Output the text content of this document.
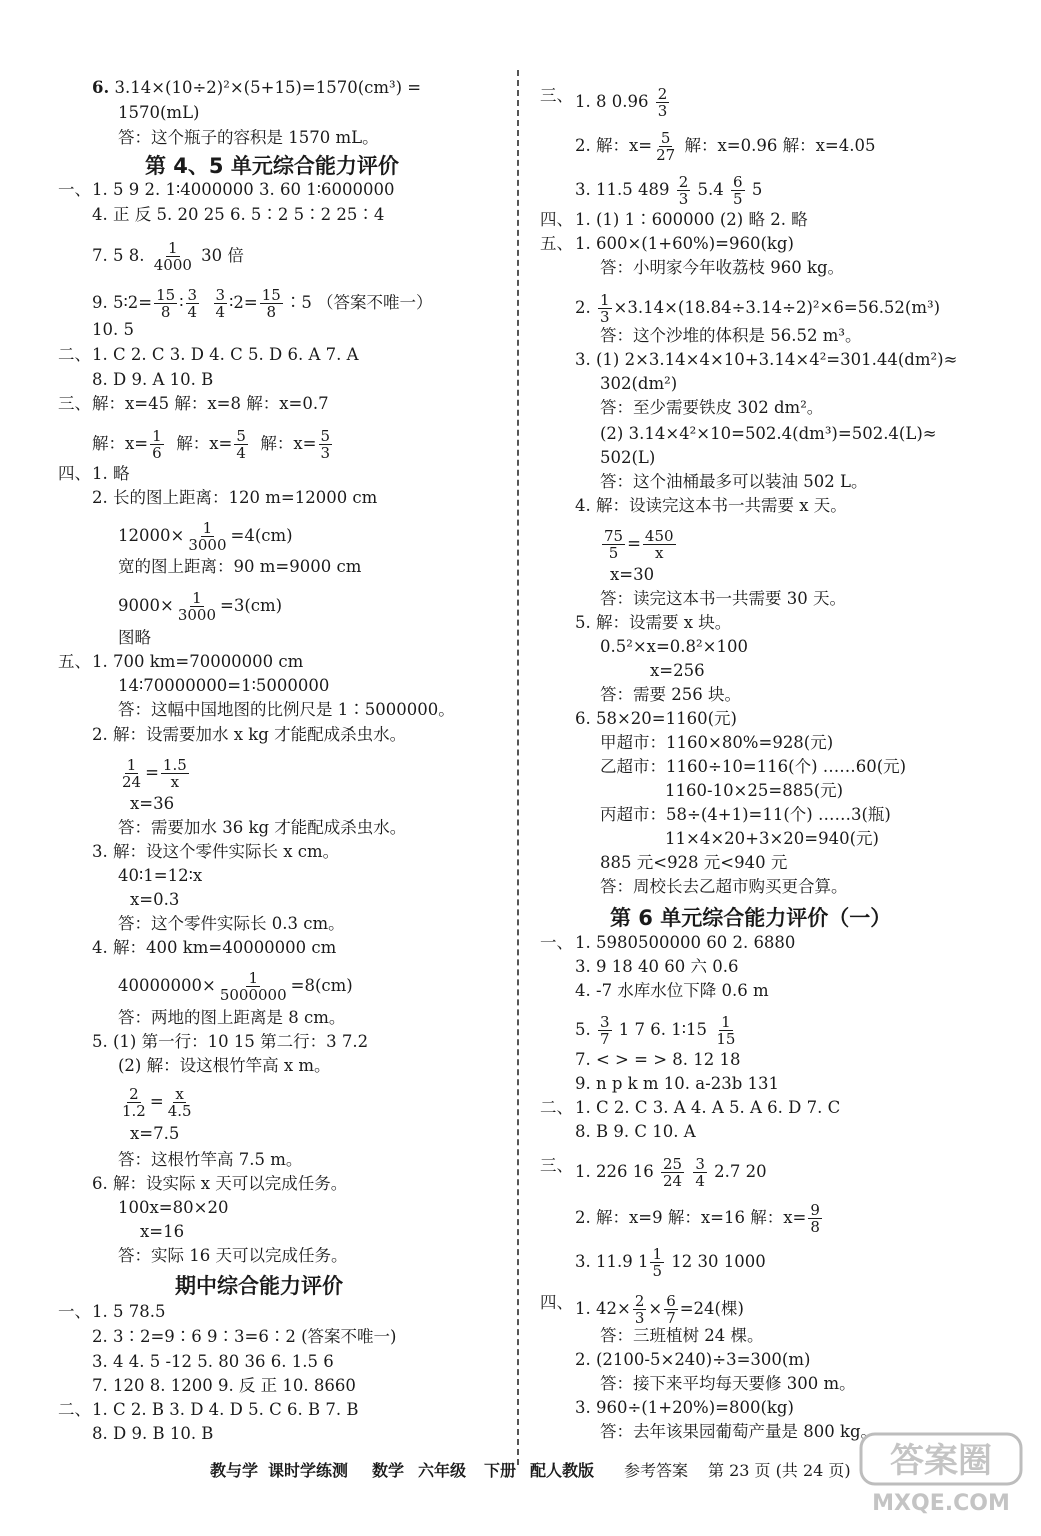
6. 3.14×(10÷2)²×(5+15)=1570(cm³) =
1570(mL)
答：这个瓶子的容积是 1570 mL。
第 4、5 单元综合能力评价
一、 1. 5 9 2. 1∶4000000 3. 60 1∶6000000
4. 正 反 5. 20 25 6. 5∶2 5∶2 25∶4
7. 5 8. $\frac{1}{4000} 30$ 倍
9. 5∶2= $\frac{15}{8}$ ∶ $\frac{3}{4}$
$\frac{3}{4}$ ∶2= $\frac{15}{8}$ ∶5 （答案不唯一）
10. 5
二、 1. C 2. C 3. D 4. C 5. D 6. A 7. A
8. D 9. A 10. B
三、 解：x=45 解：x=8 解：x=0.7
解：$x= \frac{1}{6}$ 解：$x= \frac{5}{4}$ 解：$x= \frac{5}{3}$
四、 1. 略
2. 长的图上距离：120 m=12000 cm
$12000\times \frac{1}{3000} =4(cm)$
宽的图上距离：90 m=9000 cm
$9000\times \frac{1}{3000} =3(cm)$
图略
五、 1. 700 km=70000000 cm
14∶70000000=1∶5000000
答：这幅中国地图的比例尺是 1∶5000000。
2. 解：设需要加水 x kg 才能配成杀虫水。
$\frac{1}{24} = \frac{1.5}{x}$
x=36
答：需要加水 36 kg 才能配成杀虫水。
3. 解：设这个零件实际长 x cm。
40∶1=12∶x
x=0.3
答：这个零件实际长 0.3 cm。
4. 解：400 km=40000000 cm
$40000000\times \frac{1}{5000000} =8(cm)$
答：两地的图上距离是 8 cm。
5. (1) 第一行：10 15 第二行：3 7.2
(2) 解：设这根竹竿高 x m。
$\frac{2}{1.2} = \frac{x}{4.5}$
x=7.5
答：这根竹竿高 7.5 m。
6. 解：设实际 x 天可以完成任务。
100x=80×20
x=16
答：实际 16 天可以完成任务。
期中综合能力评价
一、 1. 5 78.5
2. 3∶2=9∶6 9∶3=6∶2 (答案不唯一)
3. 4 4. 5 -12 5. 80 36 6. 1.5 6
7. 120 8. 1200 9. 反 正 10. 8660
二、 1. C 2. B 3. D 4. D 5. C 6. B 7. B
8. D 9. B 10. B
三、 1. 8 $0.96 \frac{2}{3}$
2. 解：$x= \frac{5}{27}$ 解：x=0.96 解：x=4.05
3. 11.5 $489 \frac{2}{3} 5.4 \frac{6}{5} 5$
四、 1. (1) 1∶600000 (2) 略 2. 略
五、 1. 600×(1+60%)=960(kg)
答：小明家今年收荔枝 960 kg。
2. $\frac{1}{3} \times 3.14\times(18.84\div 3.14\div 2)^2\times 6=56.52(m^3)$
答：这个沙堆的体积是 56.52 m³。
3. (1) 2×3.14×4×10+3.14×4²=301.44(dm²)≈
302(dm²)
答：至少需要铁皮 302 dm²。
(2) 3.14×4²×10=502.4(dm³)=502.4(L)≈
502(L)
答：这个油桶最多可以装油 502 L。
4. 解：设读完这本书一共需要 x 天。
$\frac{75}{5} = \frac{450}{x}$
x=30
答：读完这本书一共需要 30 天。
5. 解：设需要 x 块。
0.5²×x=0.8²×100
x=256
答：需要 256 块。
6. 58×20=1160(元)
甲超市：1160×80%=928(元)
乙超市：1160÷10=116(个) ……60(元)
1160-10×25=885(元)
丙超市：58÷(4+1)=11(个) ……3(瓶)
11×4×20+3×20=940(元)
885 元<928 元<940 元
答：周校长去乙超市购买更合算。
第 6 单元综合能力评价（一）
一、 1. 5980500000 60 2. 6880
3. 9 18 40 60 六 0.6
4. -7 水库水位下降 0.6 m
5. $\frac{3}{7} 1$ 7 6. 1∶15 $\frac{1}{15}$
7. < > = > 8. 12 18
9. n p k m 10. a-23b 131
二、 1. C 2. C 3. A 4. A 5. A 6. D 7. C
8. B 9. C 10. A
三、 1. 226 $16 \frac{25}{24}$
$\frac{3}{4} 2.7$ 20
2. 解：x=9 解：x=16 解：$x= \frac{9}{8}$
3. 11.9 $1 \frac{1}{5} 12$ 30 1000
四、 1. $42\times \frac{2}{3} \times \frac{6}{7} =24$(棵)
答：三班植树 24 棵。
2. (2100-5×240)÷3=300(m)
答：接下来平均每天要修 300 m。
3. 960÷(1+20%)=800(kg)
答：去年该果园葡萄产量是 800 kg。
教与学 课时学练测 数学 六年级 下册 配人教版 参考答案 第 23 页 (共 24 页) 答案圈
MXQE.COM
